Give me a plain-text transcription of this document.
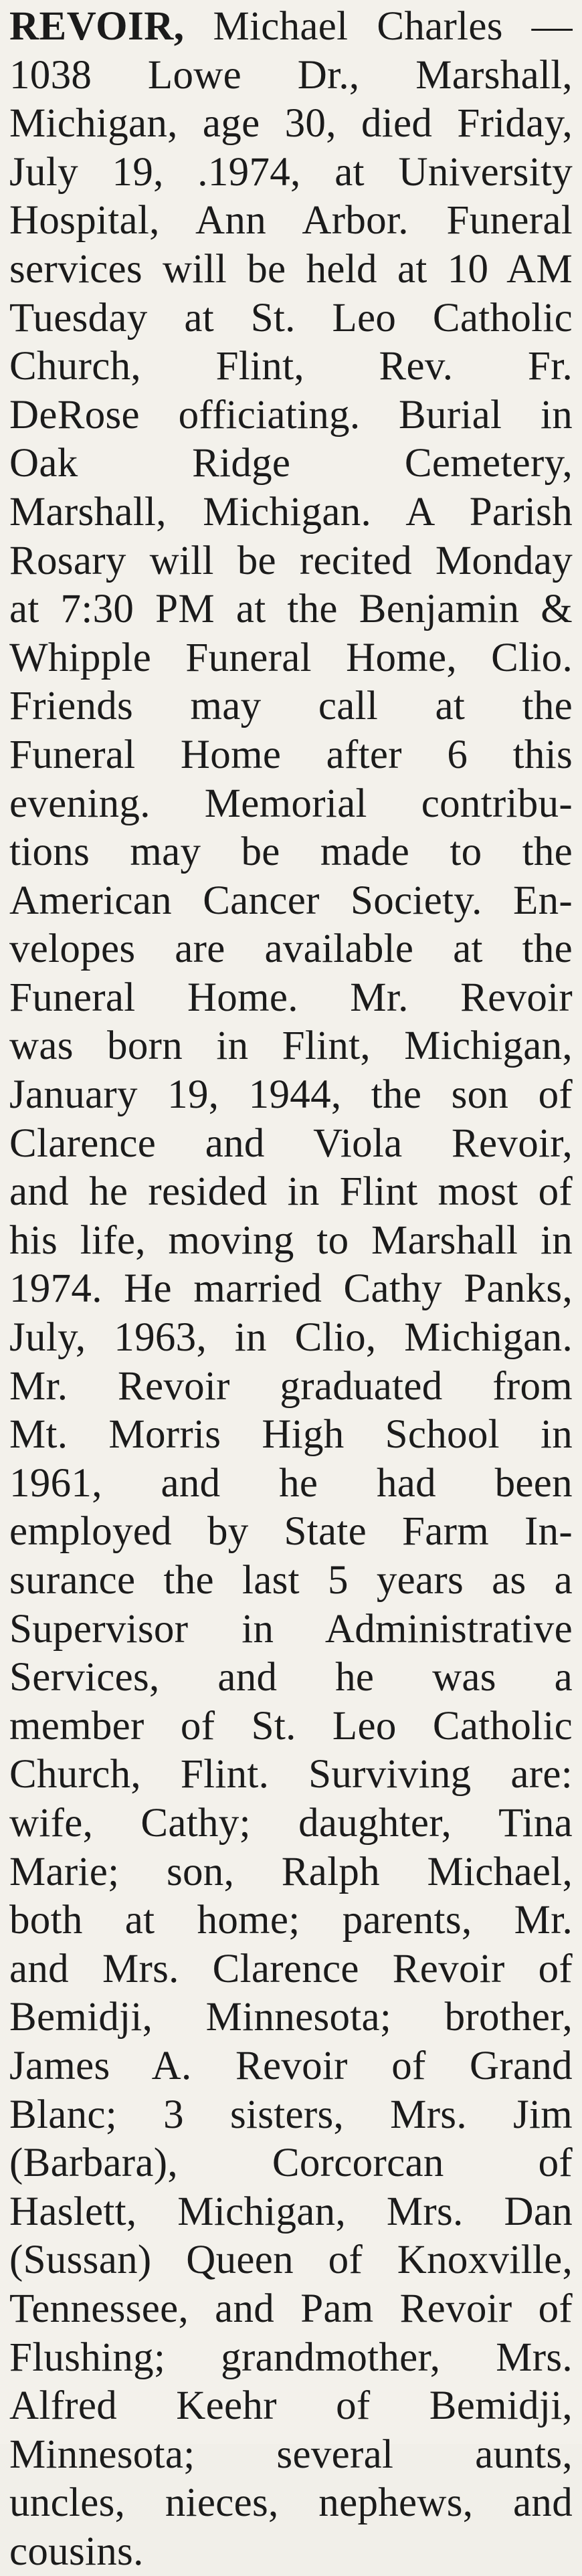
REVOIR, Michael Charles —
1038 Lowe Dr., Marshall,
Michigan, age 30, died Friday,
July 19, .1974, at University
Hospital, Ann Arbor. Funeral
services will be held at 10 AM
Tuesday at St. Leo Catholic
Church, Flint, Rev. Fr.
DeRose officiating. Burial in
Oak Ridge Cemetery,
Marshall, Michigan. A Parish
Rosary will be recited Monday
at 7:30 PM at the Benjamin &
Whipple Funeral Home, Clio.
Friends may call at the
Funeral Home after 6 this
evening. Memorial contribu-
tions may be made to the
American Cancer Society. En-
velopes are available at the
Funeral Home. Mr. Revoir
was born in Flint, Michigan,
January 19, 1944, the son of
Clarence and Viola Revoir,
and he resided in Flint most of
his life, moving to Marshall in
1974. He married Cathy Panks,
July, 1963, in Clio, Michigan.
Mr. Revoir graduated from
Mt. Morris High School in
1961, and he had been
employed by State Farm In-
surance the last 5 years as a
Supervisor in Administrative
Services, and he was a
member of St. Leo Catholic
Church, Flint. Surviving are:
wife, Cathy; daughter, Tina
Marie; son, Ralph Michael,
both at home; parents, Mr.
and Mrs. Clarence Revoir of
Bemidji, Minnesota; brother,
James A. Revoir of Grand
Blanc; 3 sisters, Mrs. Jim
(Barbara), Corcorcan of
Haslett, Michigan, Mrs. Dan
(Sussan) Queen of Knoxville,
Tennessee, and Pam Revoir of
Flushing; grandmother, Mrs.
Alfred Keehr of Bemidji,
Minnesota; several aunts,
uncles, nieces, nephews, and
cousins.
